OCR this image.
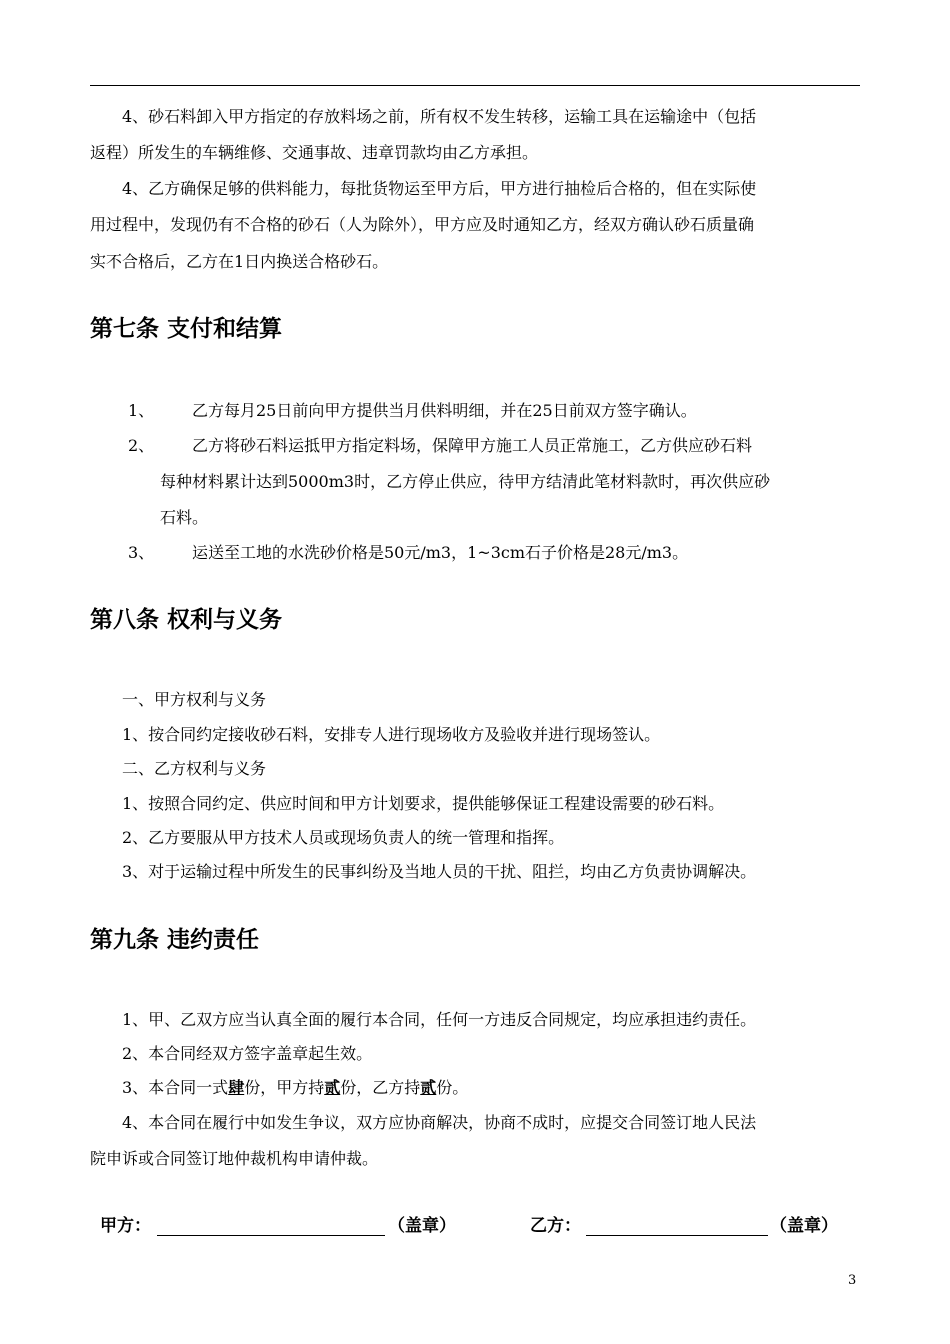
4、砂石料卸入甲方指定的存放料场之前，所有权不发生转移，运输工具在运输途中（包括
返程）所发生的车辆维修、交通事故、违章罚款均由乙方承担。
4、乙方确保足够的供料能力，每批货物运至甲方后，甲方进行抽检后合格的，但在实际使
用过程中，发现仍有不合格的砂石（人为除外），甲方应及时通知乙方，经双方确认砂石质量确
实不合格后，乙方在1日内换送合格砂石。
第七条 支付和结算
1、 乙方每月25日前向甲方提供当月供料明细，并在25日前双方签字确认。
2、 乙方将砂石料运抵甲方指定料场，保障甲方施工人员正常施工，乙方供应砂石料
每种材料累计达到5000m3时，乙方停止供应，待甲方结清此笔材料款时，再次供应砂
石料。
3、 运送至工地的水洗砂价格是50元/m3，1~3cm石子价格是28元/m3。
第八条 权利与义务
一、甲方权利与义务
1、按合同约定接收砂石料，安排专人进行现场收方及验收并进行现场签认。
二、乙方权利与义务
1、按照合同约定、供应时间和甲方计划要求，提供能够保证工程建设需要的砂石料。
2、乙方要服从甲方技术人员或现场负责人的统一管理和指挥。
3、对于运输过程中所发生的民事纠纷及当地人员的干扰、阻拦，均由乙方负责协调解决。
第九条 违约责任
1、甲、乙双方应当认真全面的履行本合同，任何一方违反合同规定，均应承担违约责任。
2、本合同经双方签字盖章起生效。
3、本合同一式肆份，甲方持贰份，乙方持贰份。
4、本合同在履行中如发生争议，双方应协商解决，协商不成时，应提交合同签订地人民法
院申诉或合同签订地仲裁机构申请仲裁。
甲方：	（盖章）	乙方：	（盖章）
3
